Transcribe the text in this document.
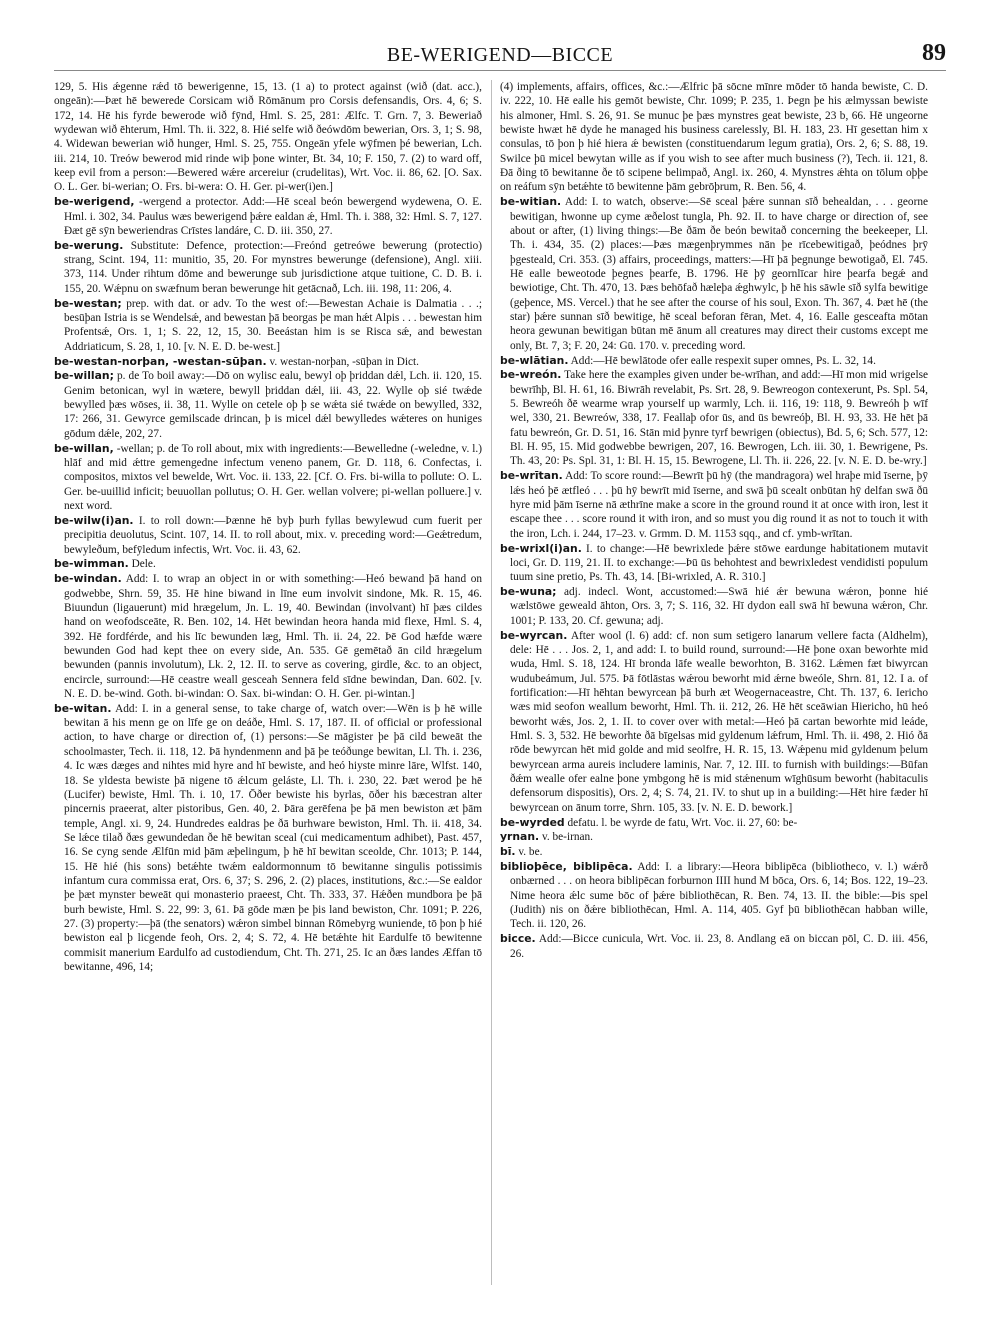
BE-WERIGEND—BICCE	89

129, 5. His ǽgenne rǽd tō bewerigenne, 15, 13. (1 a) to protect against (wið (dat. acc.), ongeān):—Þæt hē bewerede Corsicam wið Rōmānum pro Corsis defensandis, Ors. 4, 6; S. 172, 14. Hē his fyrde bewerode wið fȳnd, Hml. S. 25, 281: Ælfc. T. Grn. 7, 3. Beweriað wydewan wið ēhterum, Hml. Th. ii. 322, 8. Hié selfe wið ðeówdōm bewerian, Ors. 3, 1; S. 98, 4. Widewan bewerian wið hunger, Hml. S. 25, 755. Ongeān yfele wȳfmen þé bewerian, Lch. iii. 214, 10. Treów bewerod mid rinde wiþ þone winter, Bt. 34, 10; F. 150, 7. (2) to ward off, keep evil from a person:—Bewered wǽre arcereiur (crudelitas), Wrt. Voc. ii. 86, 62. [O. Sax. O. L. Ger. bi-werian; O. Frs. bi-wera: O. H. Ger. pi-wer(i)en.]

be-werigend, -wergend a protector. Add:—Hē sceal beón bewergend wydewena, O. E. Hml. i. 302, 34. Paulus wæs bewerigend þǽre ealdan ǽ, Hml. Th. i. 388, 32: Hml. S. 7, 127. Ðæt gē sȳn beweriendras Crīstes landáre, C. D. iii. 350, 27.

be-werung. Substitute: Defence, protection:—Freónd getreówe bewerung (protectio) strang, Scint. 194, 11: munitio, 35, 20. For mynstres bewerunge (defensione), Angl. xiii. 373, 114. Under rihtum dōme and bewerunge sub jurisdictione atque tuitione, C. D. B. i. 155, 20. Wǽpnu on swæfnum beran bewerunge hit getācnað, Lch. iii. 198, 11: 206, 4.

be-westan; prep. with dat. or adv. To the west of:—Bewestan Achaie is Dalmatia . . .; besūþan Istria is se Wendelsǽ, and bewestan þā beorgas þe man hǽt Alpis . . . bewestan him Profentsǽ, Ors. 1, 1; S. 22, 12, 15, 30. Beeástan him is se Risca sǽ, and bewestan Addriaticum, S. 28, 1, 10. [v. N. E. D. be-west.]

be-westan-norþan, -westan-sūþan. v. westan-norþan, -sūþan in Dict.

be-willan; p. de To boil away:—Dō on wylisc ealu, bewyl oþ þriddan dǽl, Lch. ii. 120, 15. Genim betonican, wyl in wætere, bewyll þriddan dǽl, iii. 43, 22. Wylle oþ sié twǽde bewylled þæs wōses, ii. 38, 11. Wylle on cetele oþ þ se wǽta sié twǽde on bewylled, 332, 17: 266, 31. Gewyrce gemilscade drincan, þ is micel dǽl bewylledes wǽteres on huniges gōdum dǽle, 202, 27.

be-willan, -wellan; p. de To roll about, mix with ingredients:—Bewelledne (-weledne, v. l.) hlāf and mid ǽttre gemengedne infectum veneno panem, Gr. D. 118, 6. Confectas, i. compositos, mixtos vel bewelde, Wrt. Voc. ii. 133, 22. [Cf. O. Frs. bi-willa to pollute: O. L. Ger. be-uuillid inficit; beuuollan pollutus; O. H. Ger. wellan volvere; pi-wellan polluere.] v. next word.

be-wilw(i)an. I. to roll down:—Þænne hē byþ þurh fyllas bewylewud cum fuerit per precipitia deuolutus, Scint. 107, 14. II. to roll about, mix. v. preceding word:—Geǽtredum, bewyleðum, befȳledum infectis, Wrt. Voc. ii. 43, 62.

be-wimman. Dele.

be-windan. Add: I. to wrap an object in or with something:—Heó bewand þā hand on godwebbe, Shrn. 59, 35. Hē hine biwand in līne eum involvit sindone, Mk. R. 15, 46. Biuundun (ligauerunt) mid hrægelum, Jn. L. 19, 40. Bewindan (involvant) hī þæs cildes hand on weofodsceāte, R. Ben. 102, 14. Hēt bewindan heora handa mid flexe, Hml. S. 4, 392. Hē fordférde, and his līc bewunden læg, Hml. Th. ii. 24, 22. Þē God hæfde wære bewunden God had kept thee on every side, An. 535. Gē gemētað ān cild hrægelum bewunden (pannis involutum), Lk. 2, 12. II. to serve as covering, girdle, &c. to an object, encircle, surround:—Hē ceastre weall gesceah Sennera feld sīdne bewindan, Dan. 602. [v. N. E. D. be-wind. Goth. bi-windan: O. Sax. bi-windan: O. H. Ger. pi-wintan.]

be-witan. Add: I. in a general sense, to take charge of, watch over:—Wēn is þ hē wille bewitan ā his menn ge on līfe ge on deáðe, Hml. S. 17, 187. II. of official or professional action, to have charge or direction of, (1) persons:—Se māgister þe þā cild beweāt the schoolmaster, Tech. ii. 118, 12. Þā hyndenmenn and þā þe teóðunge bewitan, Ll. Th. i. 236, 4. Ic wæs dæges and nihtes mid hyre and hī bewiste, and heó hiyste minre lāre, Wlfst. 140, 18. Se yldesta bewiste þā nigene tō ǽlcum geláste, Ll. Th. i. 230, 22. Þæt werod þe hē (Lucifer) bewiste, Hml. Th. i. 10, 17. Ōðer bewiste his byrlas, ōðer his bæcestran alter pincernis praeerat, alter pistoribus, Gen. 40, 2. Þāra gerēfena þe þā men bewiston æt þām temple, Angl. xi. 9, 24. Hundredes ealdras þe ðā burhware bewiston, Hml. Th. ii. 418, 34. Se lǽce tilað ðæs gewundedan ðe hē bewitan sceal (cui medicamentum adhibet), Past. 457, 16. Se cyng sende Ælfūn mid þām æþelingum, þ hē hī bewitan sceolde, Chr. 1013; P. 144, 15. Hē hié (his sons) betǽhte twǽm ealdormonnum tō bewitanne singulis potissimis infantum cura commissa erat, Ors. 6, 37; S. 296, 2. (2) places, institutions, &c.:—Se ealdor þe þæt mynster beweāt qui monasterio praeest, Cht. Th. 333, 37. Hǽðen mundbora þe þā burh bewiste, Hml. S. 22, 99: 3, 61. Þā gōde mæn þe þis land bewiston, Chr. 1091; P. 226, 27. (3) property:—þā (the senators) wǽron simbel binnan Rōmebyrg wuniende, tō þon þ hié bewiston eal þ licgende feoh, Ors. 2, 4; S. 72, 4. Hē betǽhte hit Eardulfe tō bewitenne commisit manerium Eardulfo ad custodiendum, Cht. Th. 271, 25. Ic an ðæs landes Æffan tō bewitanne, 496, 14;

(4) implements, affairs, offices, &c.:—Ælfric þā sōcne mīnre mōder tō handa bewiste, C. D. iv. 222, 10. Hē ealle his gemōt bewiste, Chr. 1099; P. 235, 1. Þegn þe his ælmyssan bewiste his almoner, Hml. S. 26, 91. Se munuc þe þæs mynstres geat bewiste, 23 b, 66. Hē ungeorne bewiste hwæt hē dyde he managed his business carelessly, Bl. H. 183, 23. Hī gesettan him x consulas, tō þon þ hié hiera ǽ bewisten (constituendarum legum gratia), Ors. 2, 6; S. 88, 19. Swilce þū micel bewytan wille as if you wish to see after much business (?), Tech. ii. 121, 8. Ðā ðing tō bewitanne ðe tō scipene belimpað, Angl. ix. 260, 4. Mynstres ǽhta on tōlum oþþe on reáfum sȳn betǽhte tō bewitenne þām gebrōþrum, R. Ben. 56, 4.

be-witian. Add: I. to watch, observe:—Sē sceal þǽre sunnan sīð behealdan, . . . georne bewitigan, hwonne up cyme æðelost tungla, Ph. 92. II. to have charge or direction of, see about or after, (1) living things:—Be ðām ðe beón bewitað concerning the beekeeper, Ll. Th. i. 434, 35. (2) places:—Þæs mægenþrymmes nān þe rīcebewitigað, þeódnes þrȳ þgesteald, Cri. 353. (3) affairs, proceedings, matters:—Hī þā þegnunge bewotigað, El. 745. Hē ealle beweotode þegnes þearfe, B. 1796. Hē þȳ geornlīcar hire þearfa begǽ and bewiotige, Cht. Th. 470, 13. Þæs behōfað hæleþa ǽghwylc, þ hē his sāwle sīð sylfa bewitige (geþence, MS. Vercel.) that he see after the course of his soul, Exon. Th. 367, 4. Þæt hē (the star) þǽre sunnan sīð bewitige, hē sceal beforan fēran, Met. 4, 16. Ealle gesceafta mōtan heora gewunan bewitigan būtan mē ānum all creatures may direct their customs except me only, Bt. 7, 3; F. 20, 24: Gū. 170. v. preceding word.

be-wlātian. Add:—Hē bewlātode ofer ealle respexit super omnes, Ps. L. 32, 14.

be-wreón. Take here the examples given under be-wrīhan, and add:—Hī mon mid wrigelse bewrīhþ, Bl. H. 61, 16. Biwrāh revelabit, Ps. Srt. 28, 9. Bewreogon contexerunt, Ps. Spl. 54, 5. Bewreóh ðē wearme wrap yourself up warmly, Lch. ii. 116, 19: 118, 9. Bewreóh þ wīf wel, 330, 21. Bewreów, 338, 17. Feallaþ ofor ūs, and ūs bewreóþ, Bl. H. 93, 33. Hē hēt þā fatu bewreón, Gr. D. 51, 16. Stān mid þynre tyrf bewrigen (obiectus), Bd. 5, 6; Sch. 577, 12: Bl. H. 95, 15. Mid godwebbe bewrigen, 207, 16. Bewrogen, Lch. iii. 30, 1. Bewrigene, Ps. Th. 43, 20: Ps. Spl. 31, 1: Bl. H. 15, 15. Bewrogene, Ll. Th. ii. 226, 22. [v. N. E. D. be-wry.]

be-wrītan. Add: To score round:—Bewrīt þū hȳ (the mandragora) wel hraþe mid īserne, þȳ lǽs heó þē ætfleó . . . þū hȳ bewrīt mid īserne, and swā þū scealt onbūtan hȳ delfan swā ðū hyre mid þām īserne nā æthrīne make a score in the ground round it at once with iron, lest it escape thee . . . score round it with iron, and so must you dig round it as not to touch it with the iron, Lch. i. 244, 17–23. v. Grmm. D. M. 1153 sqq., and cf. ymb-wrītan.

be-wrixl(i)an. I. to change:—Hē bewrixlede þǽre stōwe eardunge habitationem mutavit loci, Gr. D. 119, 21. II. to exchange:—Þū ūs behohtest and bewrixledest vendidisti populum tuum sine pretio, Ps. Th. 43, 14. [Bi-wrixled, A. R. 310.]

be-wuna; adj. indecl. Wont, accustomed:—Swā hié ǽr bewuna wǽron, þonne hié wælstōwe geweald āhton, Ors. 3, 7; S. 116, 32. Hī dydon eall swā hī bewuna wǽron, Chr. 1001; P. 133, 20. Cf. gewuna; adj.

be-wyrcan. After wool (l. 6) add: cf. non sum setigero lanarum vellere facta (Aldhelm), dele: Hē . . . Jos. 2, 1, and add: I. to build round, surround:—Hē þone oxan beworhte mid wuda, Hml. S. 18, 124. Hī bronda lāfe wealle beworhton, B. 3162. Lǽmen fæt biwyrcan wudubeámum, Jul. 575. Þā fōtlāstas wǽrou beworht mid ǽrne bweóle, Shrn. 81, 12. I a. of fortification:—Hī hēhtan bewyrcean þā burh æt Weogernaceastre, Cht. Th. 137, 6. Iericho wæs mid seofon weallum beworht, Hml. Th. ii. 212, 26. Hē hēt sceāwian Hiericho, hū heó beworht wǽs, Jos. 2, 1. II. to cover over with metal:—Heó þā cartan beworhte mid leáde, Hml. S. 3, 532. Hē beworhte ðā bīgelsas mid gyldenum lǽfrum, Hml. Th. ii. 498, 2. Hió ðā rōde bewyrcan hēt mid golde and mid seolfre, H. R. 15, 13. Wǽpenu mid gyldenum þelum bewyrcean arma aureis includere laminis, Nar. 7, 12. III. to furnish with buildings:—Būfan ðǽm wealle ofer ealne þone ymbgong hē is mid stǽnenum wīghūsum beworht (habitaculis defensorum dispositis), Ors. 2, 4; S. 74, 21. IV. to shut up in a building:—Hēt hire fæder hī bewyrcean on ānum torre, Shrn. 105, 33. [v. N. E. D. bework.]

be-wyrded defatu. l. be wyrde de fatu, Wrt. Voc. ii. 27, 60: be-

yrnan. v. be-irnan.

bī. v. be.

biblioþēce, biblipēca. Add: I. a library:—Heora biblipēca (bibliotheco, v. l.) wǽrð onbærned . . . on heora biblipēcan forburnon IIII hund M bōca, Ors. 6, 14; Bos. 122, 19–23. Nime heora ǽlc sume bōc of þǽre bibliothēcan, R. Ben. 74, 13. II. the bible:—Þis spel (Judith) nis on ðǽre bibliothēcan, Hml. A. 114, 405. Gyf þū bibliothēcan habban wille, Tech. ii. 120, 26.

bicce. Add:—Bicce cunicula, Wrt. Voc. ii. 23, 8. Andlang eā on biccan pōl, C. D. iii. 456, 26.
